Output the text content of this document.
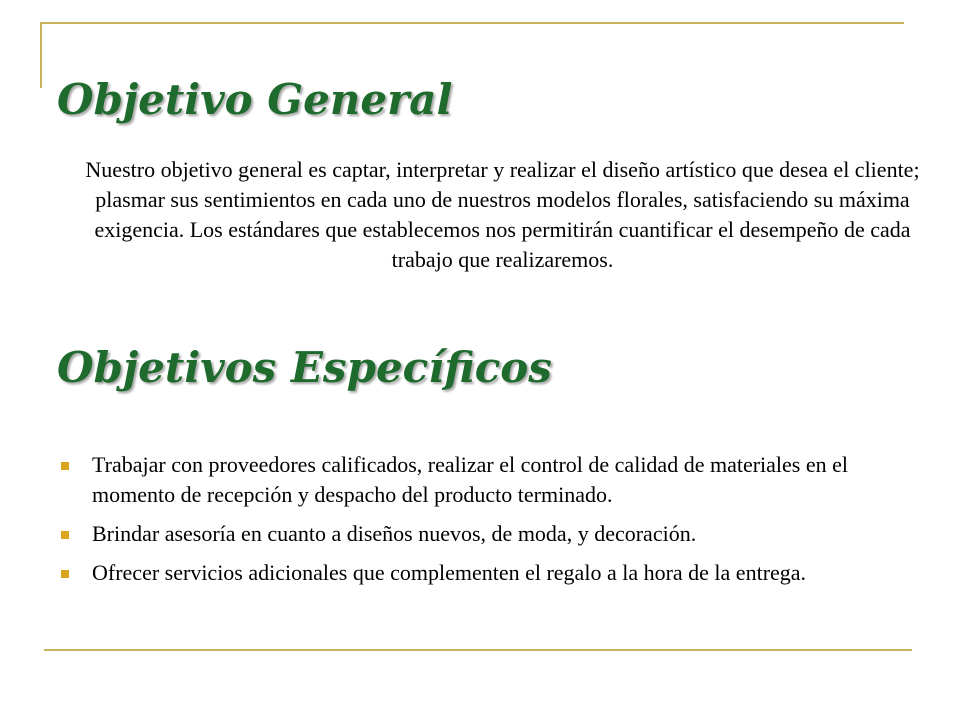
Objetivo General

Nuestro objetivo general es captar, interpretar y realizar el diseño artístico que desea el cliente; plasmar sus sentimientos en cada uno de nuestros modelos florales, satisfaciendo su máxima exigencia. Los estándares que establecemos nos permitirán cuantificar el desempeño de cada trabajo que realizaremos.

Objetivos Específicos
Trabajar con proveedores calificados, realizar el control de calidad de materiales en el momento de recepción y despacho del producto terminado.
Brindar asesoría en cuanto a diseños nuevos, de moda, y decoración.
Ofrecer servicios adicionales que complementen el regalo a la hora de la entrega.
